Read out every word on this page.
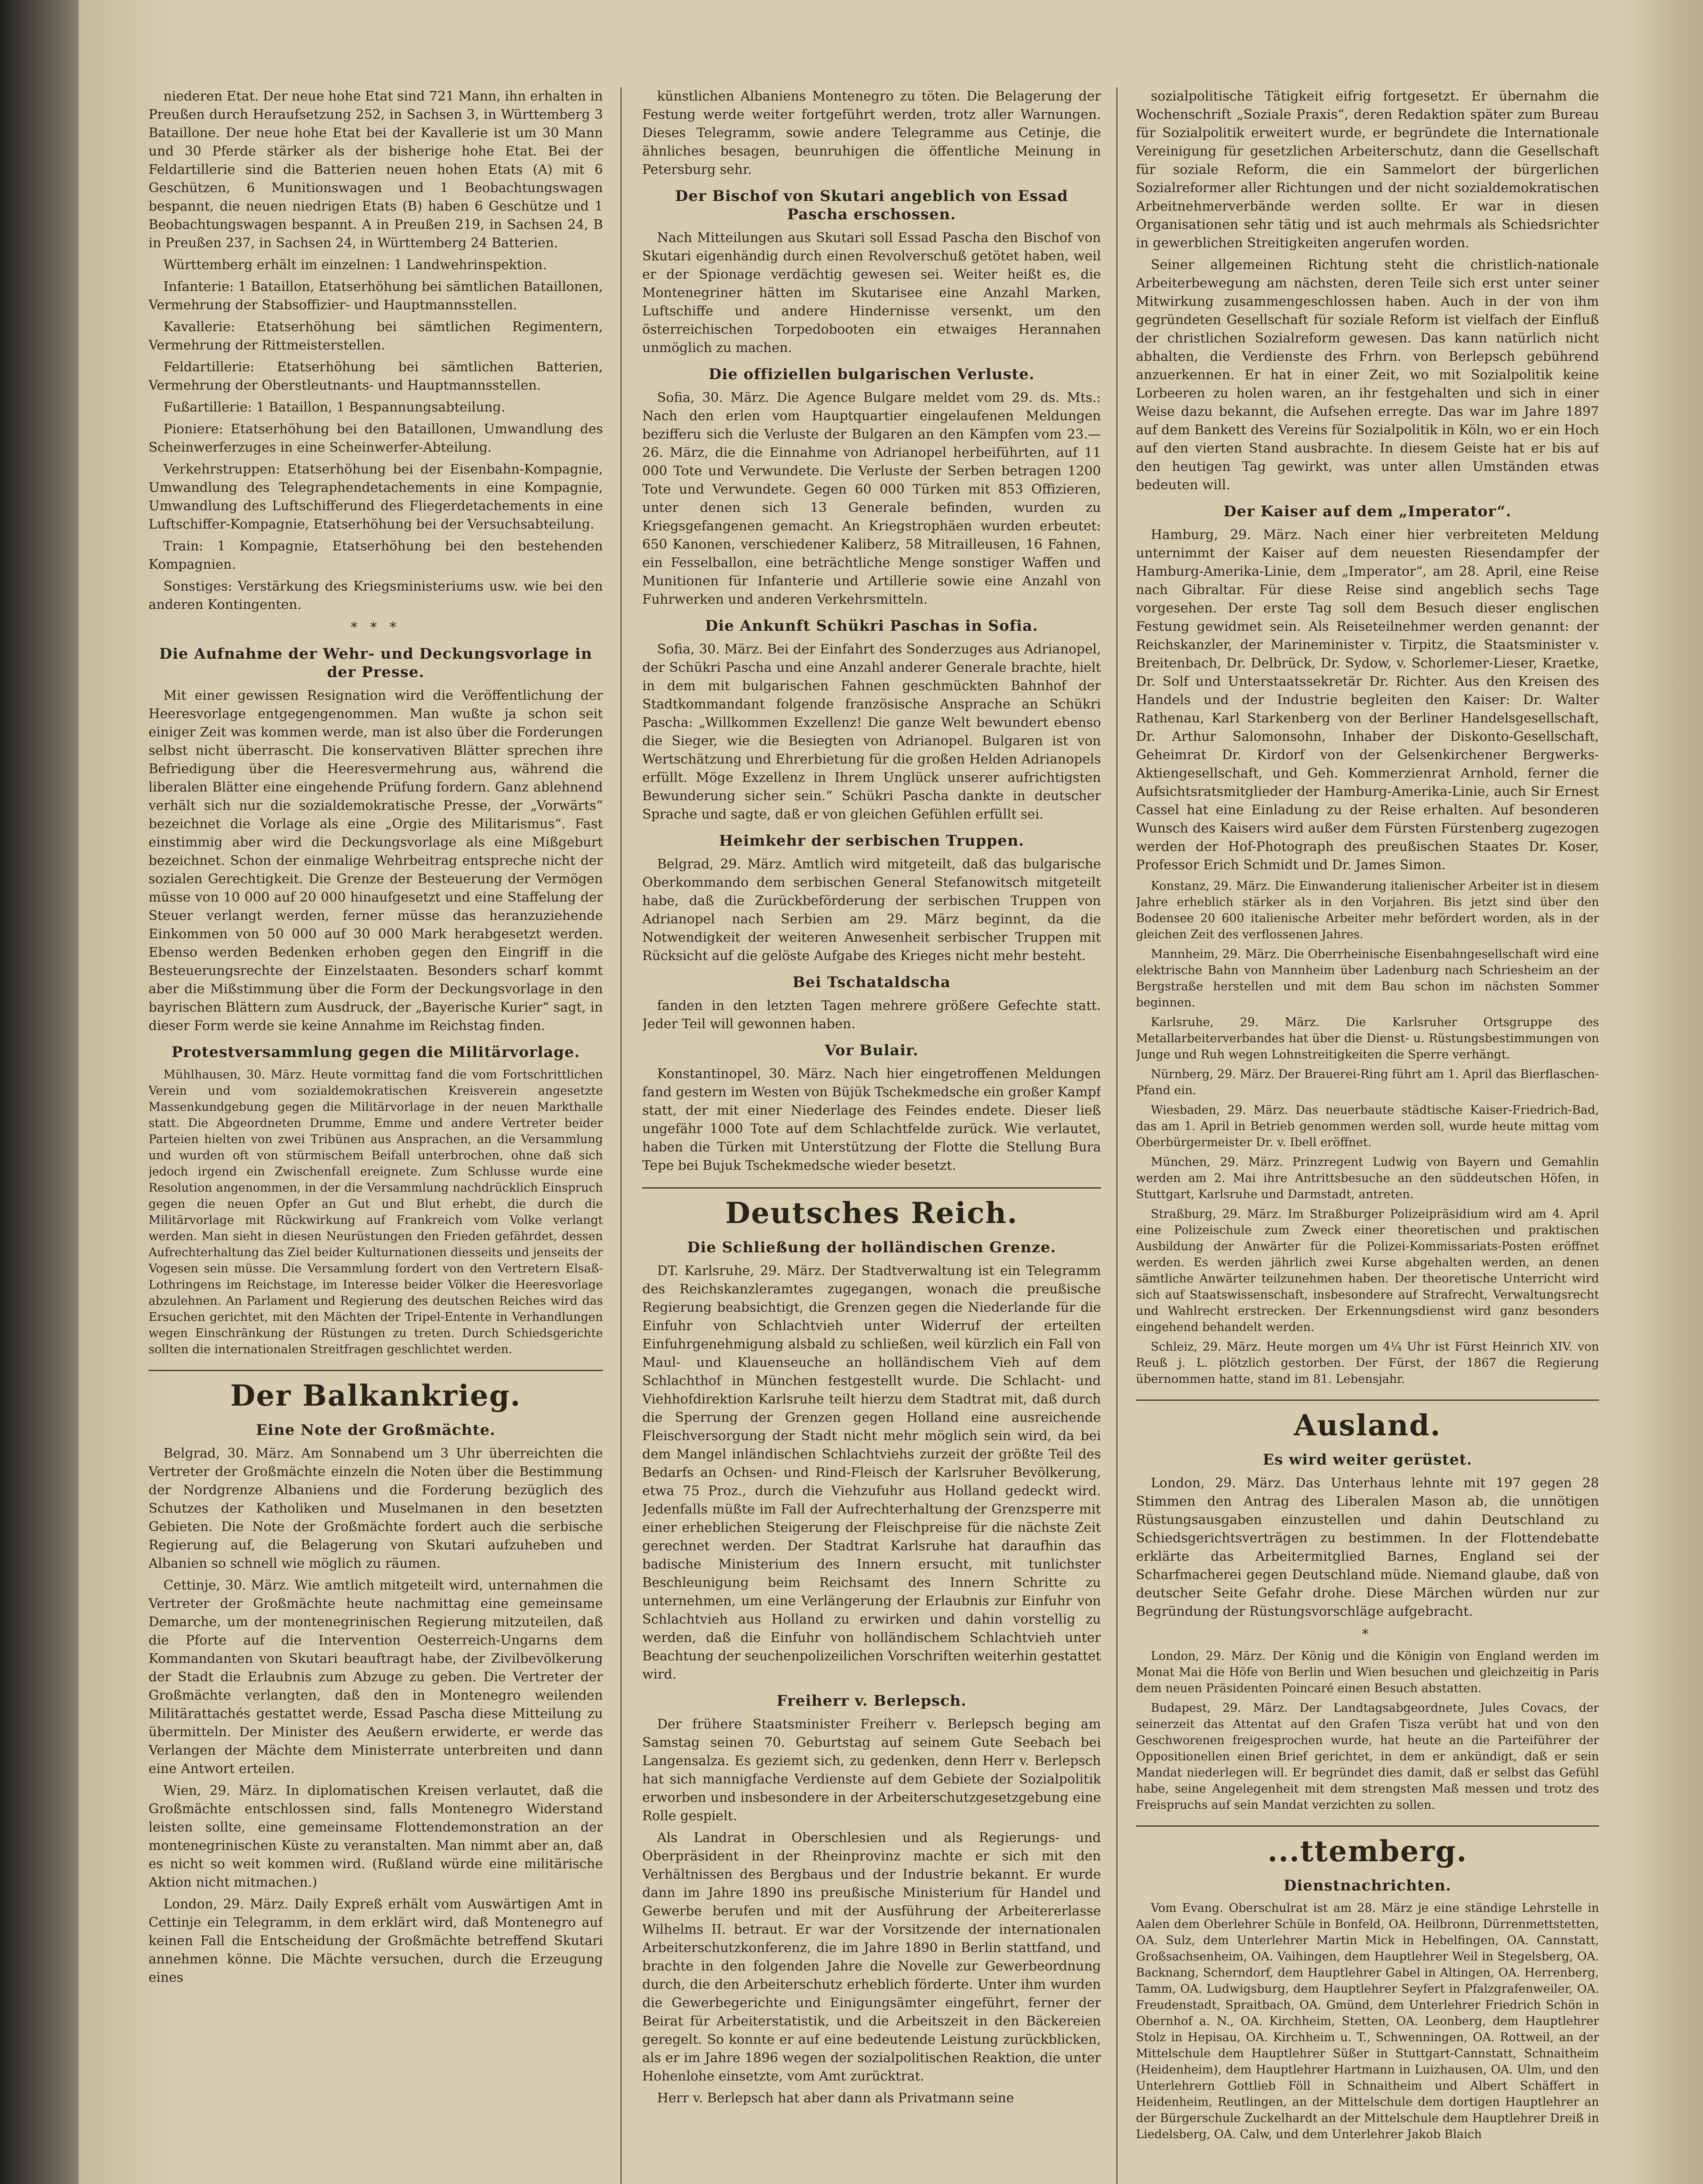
niederen Etat. Der neue hohe Etat sind 721 Mann, ihn erhalten in Preußen durch Heraufsetzung 252, in Sachsen 3, in Württemberg 3 Bataillone. Der neue hohe Etat bei der Kavallerie ist um 30 Mann und 30 Pferde stärker als der bisherige hohe Etat. Bei der Feldartillerie sind die Batterien neuen hohen Etats (A) mit 6 Geschützen, 6 Munitionswagen und 1 Beobachtungswagen bespannt, die neuen niedrigen Etats (B) haben 6 Geschütze und 1 Beobachtungswagen bespannt. A in Preußen 219, in Sachsen 24, B in Preußen 237, in Sachsen 24, in Württemberg 24 Batterien.

Württemberg erhält im einzelnen: 1 Landwehrinspektion.

Infanterie: 1 Bataillon, Etatserhöhung bei sämtlichen Bataillonen, Vermehrung der Stabsoffizier- und Hauptmannsstellen.

Kavallerie: Etatserhöhung bei sämtlichen Regimentern, Vermehrung der Rittmeisterstellen.

Feldartillerie: Etatserhöhung bei sämtlichen Batterien, Vermehrung der Oberstleutnants- und Hauptmannsstellen.

Fußartillerie: 1 Bataillon, 1 Bespannungsabteilung.

Pioniere: Etatserhöhung bei den Bataillonen, Umwandlung des Scheinwerferzuges in eine Scheinwerfer-Abteilung.

Verkehrstruppen: Etatserhöhung bei der Eisenbahn-Kompagnie, Umwandlung des Telegraphendetachements in eine Kompagnie, Umwandlung des Luftschifferund des Fliegerdetachements in eine Luftschiffer-Kompagnie, Etatserhöhung bei der Versuchsabteilung.

Train: 1 Kompagnie, Etatserhöhung bei den bestehenden Kompagnien.

Sonstiges: Verstärkung des Kriegsministeriums usw. wie bei den anderen Kontingenten.

* * *
Die Aufnahme der Wehr- und Deckungsvorlage in der Presse.

Mit einer gewissen Resignation wird die Veröffentlichung der Heeresvorlage entgegengenommen. Man wußte ja schon seit einiger Zeit was kommen werde, man ist also über die Forderungen selbst nicht überrascht. Die konservativen Blätter sprechen ihre Befriedigung über die Heeresvermehrung aus, während die liberalen Blätter eine eingehende Prüfung fordern. Ganz ablehnend verhält sich nur die sozialdemokratische Presse, der „Vorwärts“ bezeichnet die Vorlage als eine „Orgie des Militarismus“. Fast einstimmig aber wird die Deckungsvorlage als eine Mißgeburt bezeichnet. Schon der einmalige Wehrbeitrag entspreche nicht der sozialen Gerechtigkeit. Die Grenze der Besteuerung der Vermögen müsse von 10 000 auf 20 000 hinaufgesetzt und eine Staffelung der Steuer verlangt werden, ferner müsse das heranzuziehende Einkommen von 50 000 auf 30 000 Mark herabgesetzt werden. Ebenso werden Bedenken erhoben gegen den Eingriff in die Besteuerungsrechte der Einzelstaaten. Besonders scharf kommt aber die Mißstimmung über die Form der Deckungsvorlage in den bayrischen Blättern zum Ausdruck, der „Bayerische Kurier“ sagt, in dieser Form werde sie keine Annahme im Reichstag finden.

Protestversammlung gegen die Militärvorlage.

Mühlhausen, 30. März. Heute vormittag fand die vom Fortschrittlichen Verein und vom sozialdemokratischen Kreisverein angesetzte Massenkundgebung gegen die Militärvorlage in der neuen Markthalle statt. Die Abgeordneten Drumme, Emme und andere Vertreter beider Parteien hielten von zwei Tribünen aus Ansprachen, an die Versammlung und wurden oft von stürmischem Beifall unterbrochen, ohne daß sich jedoch irgend ein Zwischenfall ereignete. Zum Schlusse wurde eine Resolution angenommen, in der die Versammlung nachdrücklich Einspruch gegen die neuen Opfer an Gut und Blut erhebt, die durch die Militärvorlage mit Rückwirkung auf Frankreich vom Volke verlangt werden. Man sieht in diesen Neurüstungen den Frieden gefährdet, dessen Aufrechterhaltung das Ziel beider Kulturnationen diesseits und jenseits der Vogesen sein müsse. Die Versammlung fordert von den Vertretern Elsaß-Lothringens im Reichstage, im Interesse beider Völker die Heeresvorlage abzulehnen. An Parlament und Regierung des deutschen Reiches wird das Ersuchen gerichtet, mit den Mächten der Tripel-Entente in Verhandlungen wegen Einschränkung der Rüstungen zu treten. Durch Schiedsgerichte sollten die internationalen Streitfragen geschlichtet werden.

Der Balkankrieg.
Eine Note der Großmächte.

Belgrad, 30. März. Am Sonnabend um 3 Uhr überreichten die Vertreter der Großmächte einzeln die Noten über die Bestimmung der Nordgrenze Albaniens und die Forderung bezüglich des Schutzes der Katholiken und Muselmanen in den besetzten Gebieten. Die Note der Großmächte fordert auch die serbische Regierung auf, die Belagerung von Skutari aufzuheben und Albanien so schnell wie möglich zu räumen.

Cettinje, 30. März. Wie amtlich mitgeteilt wird, unternahmen die Vertreter der Großmächte heute nachmittag eine gemeinsame Demarche, um der montenegrinischen Regierung mitzuteilen, daß die Pforte auf die Intervention Oesterreich-Ungarns dem Kommandanten von Skutari beauftragt habe, der Zivilbevölkerung der Stadt die Erlaubnis zum Abzuge zu geben. Die Vertreter der Großmächte verlangten, daß den in Montenegro weilenden Militärattachés gestattet werde, Essad Pascha diese Mitteilung zu übermitteln. Der Minister des Aeußern erwiderte, er werde das Verlangen der Mächte dem Ministerrate unterbreiten und dann eine Antwort erteilen.

Wien, 29. März. In diplomatischen Kreisen verlautet, daß die Großmächte entschlossen sind, falls Montenegro Widerstand leisten sollte, eine gemeinsame Flottendemonstration an der montenegrinischen Küste zu veranstalten. Man nimmt aber an, daß es nicht so weit kommen wird. (Rußland würde eine militärische Aktion nicht mitmachen.)

London, 29. März. Daily Expreß erhält vom Auswärtigen Amt in Cettinje ein Telegramm, in dem erklärt wird, daß Montenegro auf keinen Fall die Entscheidung der Großmächte betreffend Skutari annehmen könne. Die Mächte versuchen, durch die Erzeugung eines

künstlichen Albaniens Montenegro zu töten. Die Belagerung der Festung werde weiter fortgeführt werden, trotz aller Warnungen. Dieses Telegramm, sowie andere Telegramme aus Cetinje, die ähnliches besagen, beunruhigen die öffentliche Meinung in Petersburg sehr.

Der Bischof von Skutari angeblich von Essad Pascha erschossen.

Nach Mitteilungen aus Skutari soll Essad Pascha den Bischof von Skutari eigenhändig durch einen Revolverschuß getötet haben, weil er der Spionage verdächtig gewesen sei. Weiter heißt es, die Montenegriner hätten im Skutarisee eine Anzahl Marken, Luftschiffe und andere Hindernisse versenkt, um den österreichischen Torpedobooten ein etwaiges Herannahen unmöglich zu machen.

Die offiziellen bulgarischen Verluste.

Sofia, 30. März. Die Agence Bulgare meldet vom 29. ds. Mts.: Nach den erlen vom Hauptquartier eingelaufenen Meldungen bezifferu sich die Verluste der Bulgaren an den Kämpfen vom 23.—26. März, die die Einnahme von Adrianopel herbeiführten, auf 11 000 Tote und Verwundete. Die Verluste der Serben betragen 1200 Tote und Verwundete. Gegen 60 000 Türken mit 853 Offizieren, unter denen sich 13 Generale befinden, wurden zu Kriegsgefangenen gemacht. An Kriegstrophäen wurden erbeutet: 650 Kanonen, verschiedener Kaliberz, 58 Mitrailleusen, 16 Fahnen, ein Fesselballon, eine beträchtliche Menge sonstiger Waffen und Munitionen für Infanterie und Artillerie sowie eine Anzahl von Fuhrwerken und anderen Verkehrsmitteln.

Die Ankunft Schükri Paschas in Sofia.

Sofia, 30. März. Bei der Einfahrt des Sonderzuges aus Adrianopel, der Schükri Pascha und eine Anzahl anderer Generale brachte, hielt in dem mit bulgarischen Fahnen geschmückten Bahnhof der Stadtkommandant folgende französische Ansprache an Schükri Pascha: „Willkommen Exzellenz! Die ganze Welt bewundert ebenso die Sieger, wie die Besiegten von Adrianopel. Bulgaren ist von Wertschätzung und Ehrerbietung für die großen Helden Adrianopels erfüllt. Möge Exzellenz in Ihrem Unglück unserer aufrichtigsten Bewunderung sicher sein.“ Schükri Pascha dankte in deutscher Sprache und sagte, daß er von gleichen Gefühlen erfüllt sei.

Heimkehr der serbischen Truppen.

Belgrad, 29. März. Amtlich wird mitgeteilt, daß das bulgarische Oberkommando dem serbischen General Stefanowitsch mitgeteilt habe, daß die Zurückbeförderung der serbischen Truppen von Adrianopel nach Serbien am 29. März beginnt, da die Notwendigkeit der weiteren Anwesenheit serbischer Truppen mit Rücksicht auf die gelöste Aufgabe des Krieges nicht mehr besteht.

Bei Tschataldscha

fanden in den letzten Tagen mehrere größere Gefechte statt. Jeder Teil will gewonnen haben.

Vor Bulair.

Konstantinopel, 30. März. Nach hier eingetroffenen Meldungen fand gestern im Westen von Büjük Tschekmedsche ein großer Kampf statt, der mit einer Niederlage des Feindes endete. Dieser ließ ungefähr 1000 Tote auf dem Schlachtfelde zurück. Wie verlautet, haben die Türken mit Unterstützung der Flotte die Stellung Bura Tepe bei Bujuk Tschekmedsche wieder besetzt.

Deutsches Reich.
Die Schließung der holländischen Grenze.

DT. Karlsruhe, 29. März. Der Stadtverwaltung ist ein Telegramm des Reichskanzleramtes zugegangen, wonach die preußische Regierung beabsichtigt, die Grenzen gegen die Niederlande für die Einfuhr von Schlachtvieh unter Widerruf der erteilten Einfuhrgenehmigung alsbald zu schließen, weil kürzlich ein Fall von Maul- und Klauenseuche an holländischem Vieh auf dem Schlachthof in München festgestellt wurde. Die Schlacht- und Viehhofdirektion Karlsruhe teilt hierzu dem Stadtrat mit, daß durch die Sperrung der Grenzen gegen Holland eine ausreichende Fleischversorgung der Stadt nicht mehr möglich sein wird, da bei dem Mangel inländischen Schlachtviehs zurzeit der größte Teil des Bedarfs an Ochsen- und Rind-Fleisch der Karlsruher Bevölkerung, etwa 75 Proz., durch die Viehzufuhr aus Holland gedeckt wird. Jedenfalls müßte im Fall der Aufrechterhaltung der Grenzsperre mit einer erheblichen Steigerung der Fleischpreise für die nächste Zeit gerechnet werden. Der Stadtrat Karlsruhe hat daraufhin das badische Ministerium des Innern ersucht, mit tunlichster Beschleunigung beim Reichsamt des Innern Schritte zu unternehmen, um eine Verlängerung der Erlaubnis zur Einfuhr von Schlachtvieh aus Holland zu erwirken und dahin vorstellig zu werden, daß die Einfuhr von holländischem Schlachtvieh unter Beachtung der seuchenpolizeilichen Vorschriften weiterhin gestattet wird.

Freiherr v. Berlepsch.

Der frühere Staatsminister Freiherr v. Berlepsch beging am Samstag seinen 70. Geburtstag auf seinem Gute Seebach bei Langensalza. Es geziemt sich, zu gedenken, denn Herr v. Berlepsch hat sich mannigfache Verdienste auf dem Gebiete der Sozialpolitik erworben und insbesondere in der Arbeiterschutzgesetzgebung eine Rolle gespielt.

Als Landrat in Oberschlesien und als Regierungs- und Oberpräsident in der Rheinprovinz machte er sich mit den Verhältnissen des Bergbaus und der Industrie bekannt. Er wurde dann im Jahre 1890 ins preußische Ministerium für Handel und Gewerbe berufen und mit der Ausführung der Arbeitererlasse Wilhelms II. betraut. Er war der Vorsitzende der internationalen Arbeiterschutzkonferenz, die im Jahre 1890 in Berlin stattfand, und brachte in den folgenden Jahre die Novelle zur Gewerbeordnung durch, die den Arbeiterschutz erheblich förderte. Unter ihm wurden die Gewerbegerichte und Einigungsämter eingeführt, ferner der Beirat für Arbeiterstatistik, und die Arbeitszeit in den Bäckereien geregelt. So konnte er auf eine bedeutende Leistung zurückblicken, als er im Jahre 1896 wegen der sozialpolitischen Reaktion, die unter Hohenlohe einsetzte, vom Amt zurücktrat.

Herr v. Berlepsch hat aber dann als Privatmann seine

sozialpolitische Tätigkeit eifrig fortgesetzt. Er übernahm die Wochenschrift „Soziale Praxis“, deren Redaktion später zum Bureau für Sozialpolitik erweitert wurde, er begründete die Internationale Vereinigung für gesetzlichen Arbeiterschutz, dann die Gesellschaft für soziale Reform, die ein Sammelort der bürgerlichen Sozialreformer aller Richtungen und der nicht sozialdemokratischen Arbeitnehmerverbände werden sollte. Er war in diesen Organisationen sehr tätig und ist auch mehrmals als Schiedsrichter in gewerblichen Streitigkeiten angerufen worden.

Seiner allgemeinen Richtung steht die christlich-nationale Arbeiterbewegung am nächsten, deren Teile sich erst unter seiner Mitwirkung zusammengeschlossen haben. Auch in der von ihm gegründeten Gesellschaft für soziale Reform ist vielfach der Einfluß der christlichen Sozialreform gewesen. Das kann natürlich nicht abhalten, die Verdienste des Frhrn. von Berlepsch gebührend anzuerkennen. Er hat in einer Zeit, wo mit Sozialpolitik keine Lorbeeren zu holen waren, an ihr festgehalten und sich in einer Weise dazu bekannt, die Aufsehen erregte. Das war im Jahre 1897 auf dem Bankett des Vereins für Sozialpolitik in Köln, wo er ein Hoch auf den vierten Stand ausbrachte. In diesem Geiste hat er bis auf den heutigen Tag gewirkt, was unter allen Umständen etwas bedeuten will.

Der Kaiser auf dem „Imperator“.

Hamburg, 29. März. Nach einer hier verbreiteten Meldung unternimmt der Kaiser auf dem neuesten Riesendampfer der Hamburg-Amerika-Linie, dem „Imperator“, am 28. April, eine Reise nach Gibraltar. Für diese Reise sind angeblich sechs Tage vorgesehen. Der erste Tag soll dem Besuch dieser englischen Festung gewidmet sein. Als Reiseteilnehmer werden genannt: der Reichskanzler, der Marineminister v. Tirpitz, die Staatsminister v. Breitenbach, Dr. Delbrück, Dr. Sydow, v. Schorlemer-Lieser, Kraetke, Dr. Solf und Unterstaatssekretär Dr. Richter. Aus den Kreisen des Handels und der Industrie begleiten den Kaiser: Dr. Walter Rathenau, Karl Starkenberg von der Berliner Handelsgesellschaft, Dr. Arthur Salomonsohn, Inhaber der Diskonto-Gesellschaft, Geheimrat Dr. Kirdorf von der Gelsenkirchener Bergwerks-Aktiengesellschaft, und Geh. Kommerzienrat Arnhold, ferner die Aufsichtsratsmitglieder der Hamburg-Amerika-Linie, auch Sir Ernest Cassel hat eine Einladung zu der Reise erhalten. Auf besonderen Wunsch des Kaisers wird außer dem Fürsten Fürstenberg zugezogen werden der Hof-Photograph des preußischen Staates Dr. Koser, Professor Erich Schmidt und Dr. James Simon.

Konstanz, 29. März. Die Einwanderung italienischer Arbeiter ist in diesem Jahre erheblich stärker als in den Vorjahren. Bis jetzt sind über den Bodensee 20 600 italienische Arbeiter mehr befördert worden, als in der gleichen Zeit des verflossenen Jahres.

Mannheim, 29. März. Die Oberrheinische Eisenbahngesellschaft wird eine elektrische Bahn von Mannheim über Ladenburg nach Schriesheim an der Bergstraße herstellen und mit dem Bau schon im nächsten Sommer beginnen.

Karlsruhe, 29. März. Die Karlsruher Ortsgruppe des Metallarbeiterverbandes hat über die Dienst- u. Rüstungsbestimmungen von Junge und Ruh wegen Lohnstreitigkeiten die Sperre verhängt.

Nürnberg, 29. März. Der Brauerei-Ring führt am 1. April das Bierflaschen-Pfand ein.

Wiesbaden, 29. März. Das neuerbaute städtische Kaiser-Friedrich-Bad, das am 1. April in Betrieb genommen werden soll, wurde heute mittag vom Oberbürgermeister Dr. v. Ibell eröffnet.

München, 29. März. Prinzregent Ludwig von Bayern und Gemahlin werden am 2. Mai ihre Antrittsbesuche an den süddeutschen Höfen, in Stuttgart, Karlsruhe und Darmstadt, antreten.

Straßburg, 29. März. Im Straßburger Polizeipräsidium wird am 4. April eine Polizeischule zum Zweck einer theoretischen und praktischen Ausbildung der Anwärter für die Polizei-Kommissariats-Posten eröffnet werden. Es werden jährlich zwei Kurse abgehalten werden, an denen sämtliche Anwärter teilzunehmen haben. Der theoretische Unterricht wird sich auf Staatswissenschaft, insbesondere auf Strafrecht, Verwaltungsrecht und Wahlrecht erstrecken. Der Erkennungsdienst wird ganz besonders eingehend behandelt werden.

Schleiz, 29. März. Heute morgen um 4¼ Uhr ist Fürst Heinrich XIV. von Reuß j. L. plötzlich gestorben. Der Fürst, der 1867 die Regierung übernommen hatte, stand im 81. Lebensjahr.

Ausland.
Es wird weiter gerüstet.

London, 29. März. Das Unterhaus lehnte mit 197 gegen 28 Stimmen den Antrag des Liberalen Mason ab, die unnötigen Rüstungsausgaben einzustellen und dahin Deutschland zu Schiedsgerichtsverträgen zu bestimmen. In der Flottendebatte erklärte das Arbeitermitglied Barnes, England sei der Scharfmacherei gegen Deutschland müde. Niemand glaube, daß von deutscher Seite Gefahr drohe. Diese Märchen würden nur zur Begründung der Rüstungsvorschläge aufgebracht.

*

London, 29. März. Der König und die Königin von England werden im Monat Mai die Höfe von Berlin und Wien besuchen und gleichzeitig in Paris dem neuen Präsidenten Poincaré einen Besuch abstatten.

Budapest, 29. März. Der Landtagsabgeordnete, Jules Covacs, der seinerzeit das Attentat auf den Grafen Tisza verübt hat und von den Geschworenen freigesprochen wurde, hat heute an die Parteiführer der Oppositionellen einen Brief gerichtet, in dem er ankündigt, daß er sein Mandat niederlegen will. Er begründet dies damit, daß er selbst das Gefühl habe, seine Angelegenheit mit dem strengsten Maß messen und trotz des Freispruchs auf sein Mandat verzichten zu sollen.

...ttemberg.
Dienstnachrichten.

Vom Evang. Oberschulrat ist am 28. März je eine ständige Lehrstelle in Aalen dem Oberlehrer Schüle in Bonfeld, OA. Heilbronn, Dürrenmettstetten, OA. Sulz, dem Unterlehrer Martin Mick in Hebelfingen, OA. Cannstatt, Großsachsenheim, OA. Vaihingen, dem Hauptlehrer Weil in Stegelsberg, OA. Backnang, Scherndorf, dem Hauptlehrer Gabel in Altingen, OA. Herrenberg, Tamm, OA. Ludwigsburg, dem Hauptlehrer Seyfert in Pfalzgrafenweiler, OA. Freudenstadt, Spraitbach, OA. Gmünd, dem Unterlehrer Friedrich Schön in Obernhof a. N., OA. Kirchheim, Stetten, OA. Leonberg, dem Hauptlehrer Stolz in Hepisau, OA. Kirchheim u. T., Schwenningen, OA. Rottweil, an der Mittelschule dem Hauptlehrer Süßer in Stuttgart-Cannstatt, Schnaitheim (Heidenheim), dem Hauptlehrer Hartmann in Luizhausen, OA. Ulm, und den Unterlehrern Gottlieb Föll in Schnaitheim und Albert Schäffert in Heidenheim, Reutlingen, an der Mittelschule dem dortigen Hauptlehrer an der Bürgerschule Zuckelhardt an der Mittelschule dem Hauptlehrer Dreiß in Liedelsberg, OA. Calw, und dem Unterlehrer Jakob Blaich
